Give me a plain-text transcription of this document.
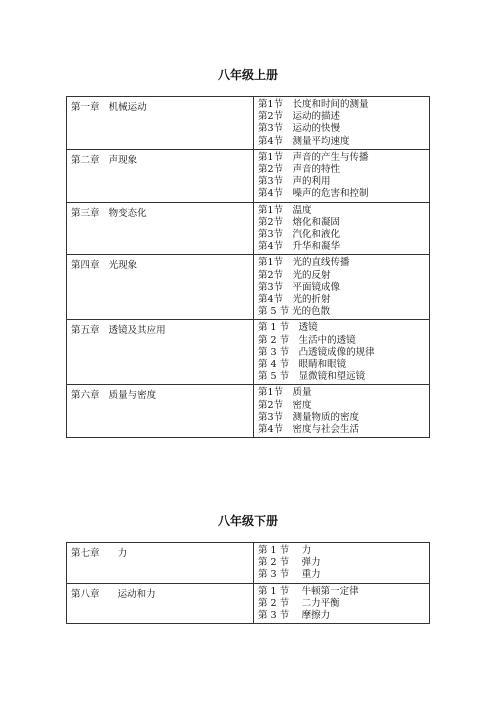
八年级上册
第一章 机械运动	第1节　长度和时间的测量
第2节　运动的描述
第3节　运动的快慢
第4节　测量平均速度

第二章 声现象	第1节　声音的产生与传播
第2节　声音的特性
第3节　声的利用
第4节　噪声的危害和控制

第三章 物变态化	第1节　温度
第2节　熔化和凝固
第3节　汽化和液化
第4节　升华和凝华

第四章 光现象	第1节　光的直线传播
第2节　光的反射
第3节　平面镜成像
第4节　光的折射
第 5 节 光的色散

第五章 透镜及其应用	第 1 节　透镜
第 2 节　生活中的透镜
第 3 节　凸透镜成像的规律
第 4 节　眼睛和眼镜
第 5 节　显微镜和望远镜

第六章 质量与密度	第1节　质量
第2节　密度
第3节　测量物质的密度
第4节　密度与社会生活
八年级下册
第七章 力	第 1 节　 力
第 2 节　 弹力
第 3 节　 重力

第八章 运动和力	第 1 节　 牛顿第一定律
第 2 节　 二力平衡
第 3 节　 摩擦力
